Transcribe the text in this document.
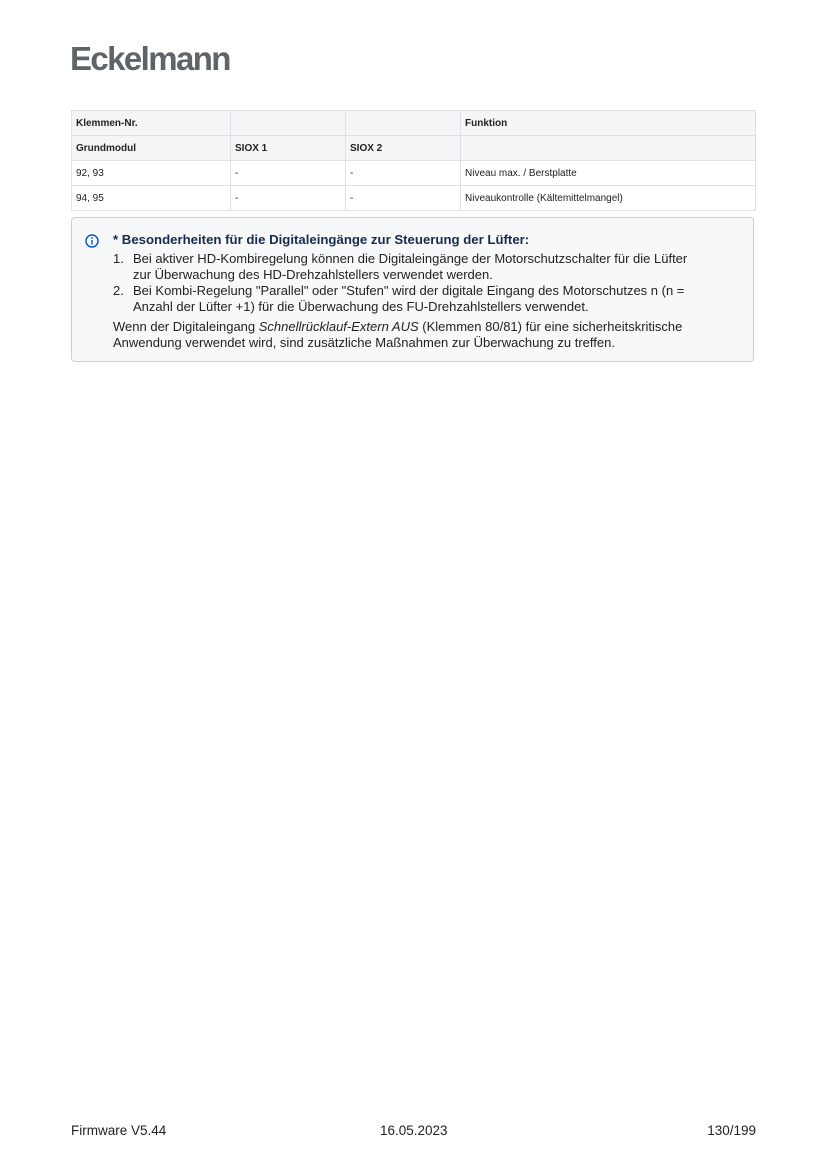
Eckelmann
Klemmen-Nr.			Funktion
Grundmodul	SIOX 1	SIOX 2	
92, 93	-	-	Niveau max. / Berstplatte
94, 95	-	-	Niveaukontrolle (Kältemittelmangel)
* Besonderheiten für die Digitaleingänge zur Steuerung der Lüfter:
1. Bei aktiver HD-Kombiregelung können die Digitaleingänge der Motorschutzschalter für die Lüfter
zur Überwachung des HD-Drehzahlstellers verwendet werden.
2. Bei Kombi-Regelung "Parallel" oder "Stufen" wird der digitale Eingang des Motorschutzes n (n =
Anzahl der Lüfter +1) für die Überwachung des FU-Drehzahlstellers verwendet.
Wenn der Digitaleingang Schnellrücklauf-Extern AUS (Klemmen 80/81) für eine sicherheitskritische
Anwendung verwendet wird, sind zusätzliche Maßnahmen zur Überwachung zu treffen.
Firmware V5.44	16.05.2023	130/199
